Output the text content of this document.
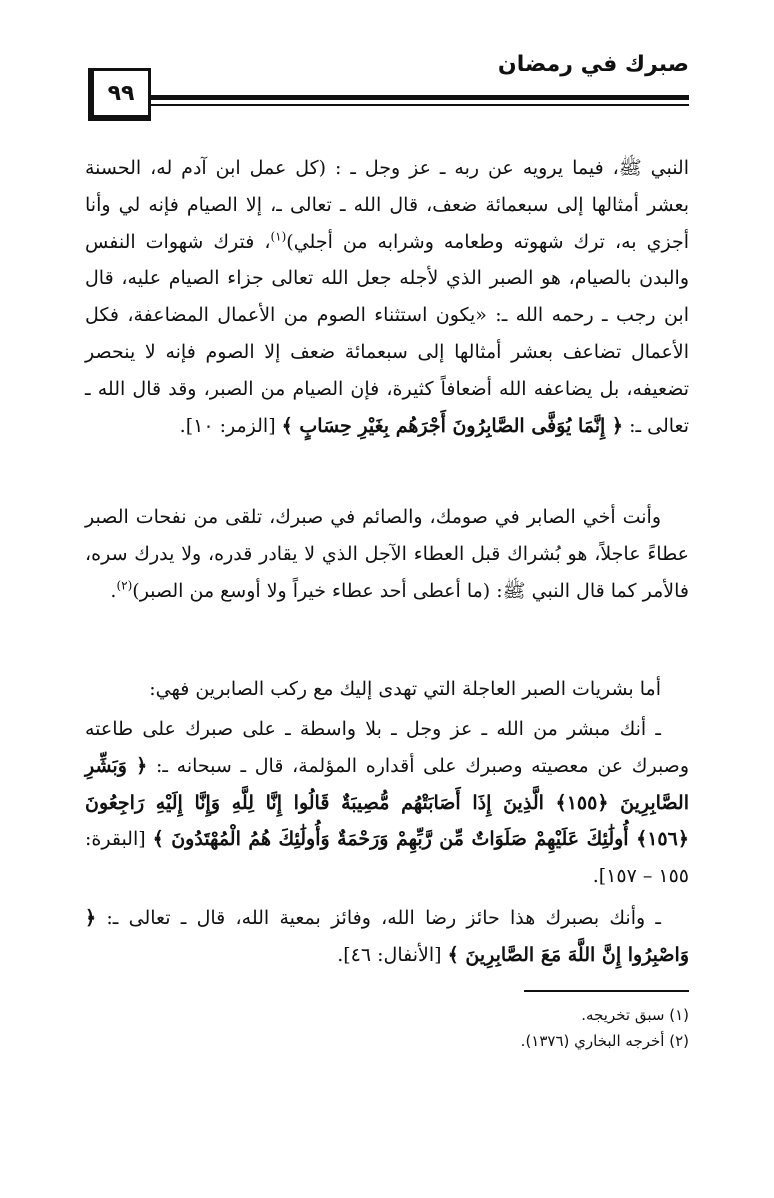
صبرك في رمضان
٩٩

النبي ﷺ، فيما يرويه عن ربه ـ عز وجل ـ : (كل عمل ابن آدم له، الحسنة بعشر أمثالها إلى سبعمائة ضعف، قال الله ـ تعالى ـ، إلا الصيام فإنه لي وأنا أجزي به، ترك شهوته وطعامه وشرابه من أجلي)$^{(١)}$، فترك شهوات النفس والبدن بالصيام، هو الصبر الذي لأجله جعل الله تعالى جزاء الصيام عليه، قال ابن رجب ـ رحمه الله ـ: «يكون استثناء الصوم من الأعمال المضاعفة، فكل الأعمال تضاعف بعشر أمثالها إلى سبعمائة ضعف إلا الصوم فإنه لا ينحصر تضعيفه، بل يضاعفه الله أضعافاً كثيرة، فإن الصيام من الصبر، وقد قال الله ـ تعالى ـ: ﴿ إِنَّمَا يُوَفَّى الصَّابِرُونَ أَجْرَهُم بِغَيْرِ حِسَابٍ ﴾ [الزمر: ١٠].

وأنت أخي الصابر في صومك، والصائم في صبرك، تلقى من نفحات الصبر عطاءً عاجلاً، هو بُشراك قبل العطاء الآجل الذي لا يقادر قدره، ولا يدرك سره، فالأمر كما قال النبي ﷺ: (ما أعطى أحد عطاء خيراً ولا أوسع من الصبر)$^{(٢)}$.

أما بشريات الصبر العاجلة التي تهدى إليك مع ركب الصابرين فهي:

ـ أنك مبشر من الله ـ عز وجل ـ بلا واسطة ـ على صبرك على طاعته وصبرك عن معصيته وصبرك على أقداره المؤلمة، قال ـ سبحانه ـ: ﴿ وَبَشِّرِ الصَّابِرِينَ ﴿١٥٥﴾ الَّذِينَ إِذَا أَصَابَتْهُم مُّصِيبَةٌ قَالُوا إِنَّا لِلَّهِ وَإِنَّا إِلَيْهِ رَاجِعُونَ ﴿١٥٦﴾ أُولَٰئِكَ عَلَيْهِمْ صَلَوَاتٌ مِّن رَّبِّهِمْ وَرَحْمَةٌ وَأُولَٰئِكَ هُمُ الْمُهْتَدُونَ ﴾ [البقرة: ١٥٥ – ١٥٧].

ـ وأنك بصبرك هذا حائز رضا الله، وفائز بمعية الله، قال ـ تعالى ـ: ﴿ وَاصْبِرُوا إِنَّ اللَّهَ مَعَ الصَّابِرِينَ ﴾ [الأنفال: ٤٦].

(١) سبق تخريجه.
(٢) أخرجه البخاري (١٣٧٦).
